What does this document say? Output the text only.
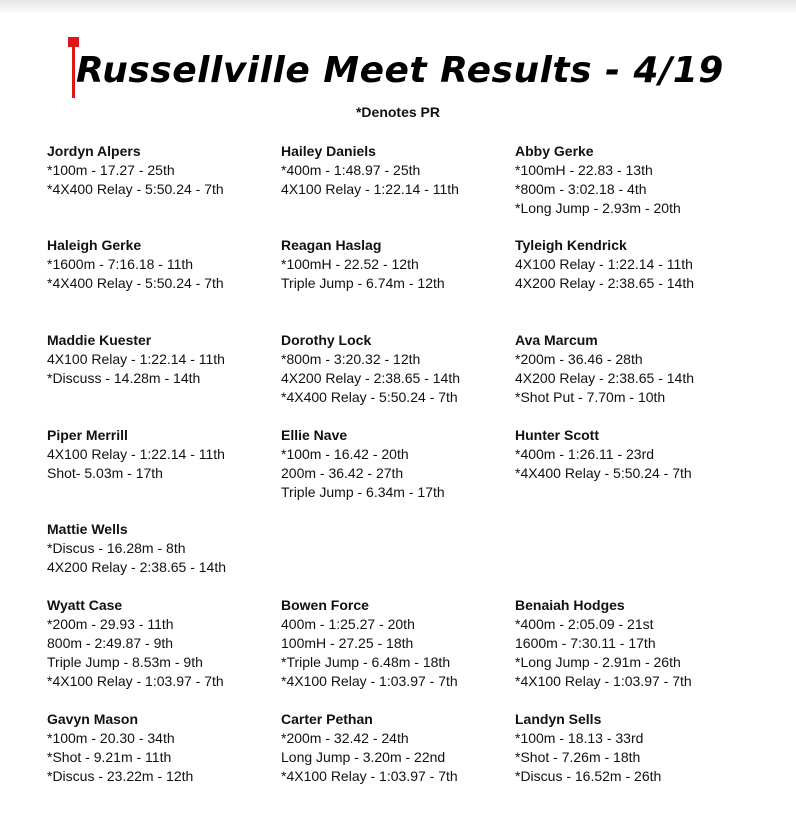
Russellville Meet Results - 4/19
*Denotes PR
Jordyn Alpers
*100m - 17.27 - 25th
*4X400 Relay - 5:50.24 - 7th
Hailey Daniels
*400m - 1:48.97 - 25th
4X100 Relay - 1:22.14 - 11th
Abby Gerke
*100mH - 22.83 - 13th
*800m - 3:02.18 - 4th
*Long Jump - 2.93m - 20th
Haleigh Gerke
*1600m - 7:16.18 - 11th
*4X400 Relay - 5:50.24 - 7th
Reagan Haslag
*100mH - 22.52 - 12th
Triple Jump - 6.74m - 12th
Tyleigh Kendrick
4X100 Relay - 1:22.14 - 11th
4X200 Relay - 2:38.65 - 14th
Maddie Kuester
4X100 Relay - 1:22.14 - 11th
*Discuss - 14.28m - 14th
Dorothy Lock
*800m - 3:20.32 - 12th
4X200 Relay - 2:38.65 - 14th
*4X400 Relay - 5:50.24 - 7th
Ava Marcum
*200m - 36.46 - 28th
4X200 Relay - 2:38.65 - 14th
*Shot Put - 7.70m - 10th
Piper Merrill
4X100 Relay - 1:22.14 - 11th
Shot- 5.03m - 17th
Ellie Nave
*100m - 16.42 - 20th
200m - 36.42 - 27th
Triple Jump - 6.34m - 17th
Hunter Scott
*400m - 1:26.11 - 23rd
*4X400 Relay - 5:50.24 - 7th
Mattie Wells
*Discus - 16.28m - 8th
4X200 Relay - 2:38.65 - 14th
Wyatt Case
*200m - 29.93 - 11th
800m - 2:49.87 - 9th
Triple Jump - 8.53m - 9th
*4X100 Relay - 1:03.97 - 7th
Bowen Force
400m - 1:25.27 - 20th
100mH - 27.25 - 18th
*Triple Jump - 6.48m - 18th
*4X100 Relay - 1:03.97 - 7th
Benaiah Hodges
*400m - 2:05.09 - 21st
1600m - 7:30.11 - 17th
*Long Jump - 2.91m - 26th
*4X100 Relay - 1:03.97 - 7th
Gavyn Mason
*100m - 20.30 - 34th
*Shot - 9.21m - 11th
*Discus - 23.22m - 12th
Carter Pethan
*200m - 32.42 - 24th
Long Jump - 3.20m - 22nd
*4X100 Relay - 1:03.97 - 7th
Landyn Sells
*100m - 18.13 - 33rd
*Shot - 7.26m - 18th
*Discus - 16.52m - 26th
